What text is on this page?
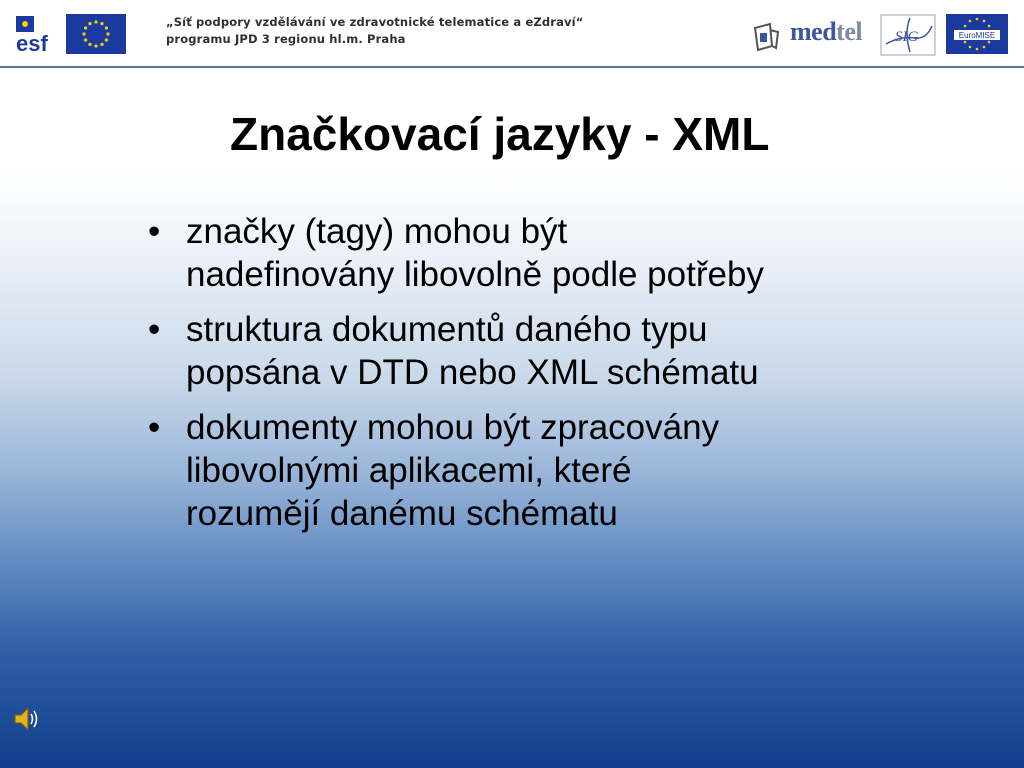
esf
„Síť podpory vzdělávání ve zdravotnické telematice a eZdraví“
programu JPD 3 regionu hl.m. Praha	medtel SIG	EuroMISE
Značkovací jazyky - XML
• značky (tagy) mohou být
nadefinovány libovolně podle potřeby
• struktura dokumentů daného typu
popsána v DTD nebo XML schématu
• dokumenty mohou být zpracovány
libovolnými aplikacemi, které
rozumějí danému schématu
